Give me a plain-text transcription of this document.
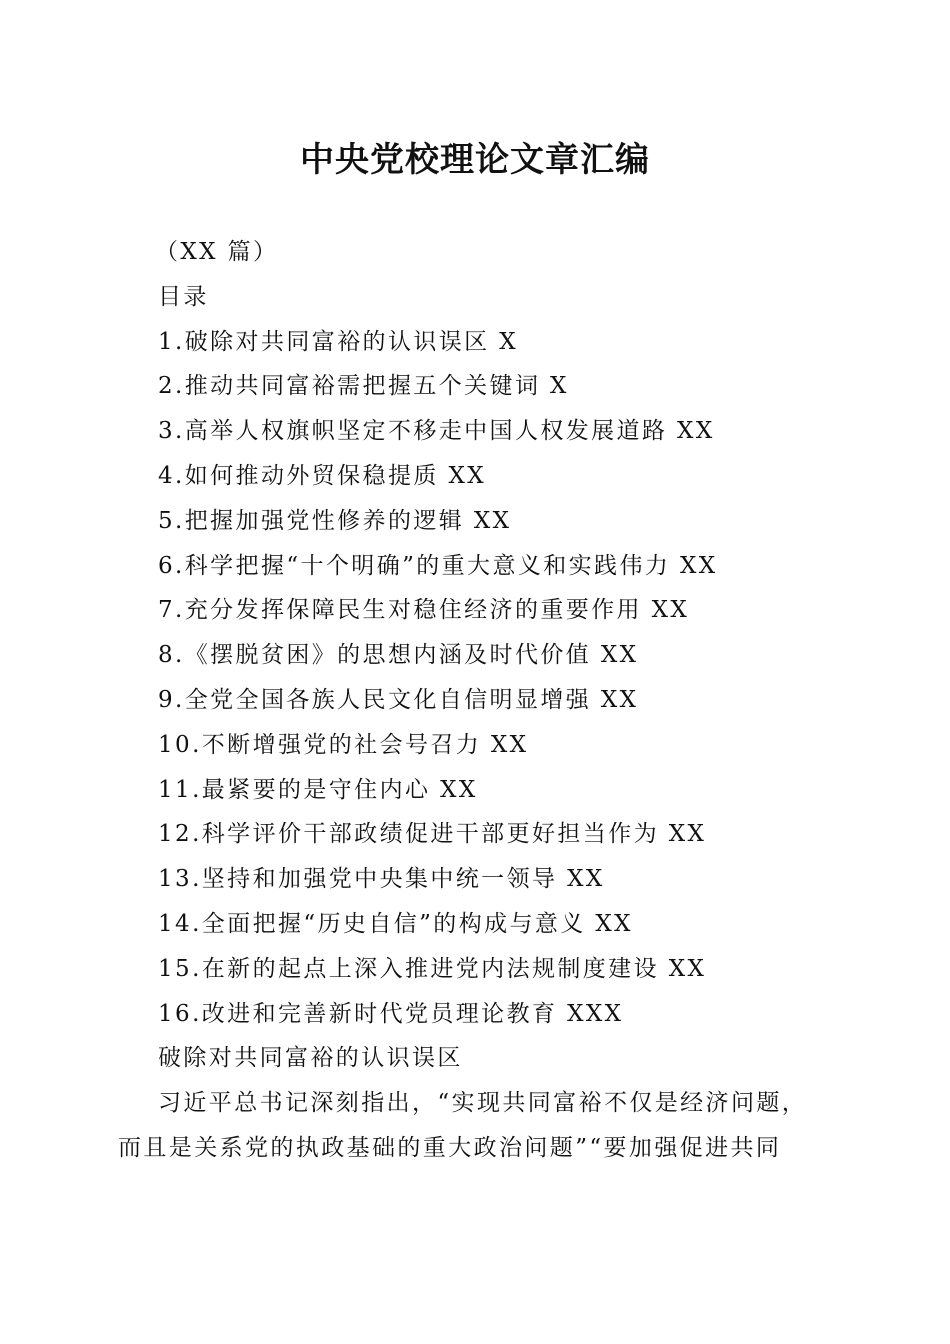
中央党校理论文章汇编

（XX 篇）

目录

1.破除对共同富裕的认识误区 X
2.推动共同富裕需把握五个关键词 X
3.高举人权旗帜坚定不移走中国人权发展道路 XX
4.如何推动外贸保稳提质 XX
5.把握加强党性修养的逻辑 XX
6.科学把握“十个明确”的重大意义和实践伟力 XX
7.充分发挥保障民生对稳住经济的重要作用 XX
8.《摆脱贫困》的思想内涵及时代价值 XX
9.全党全国各族人民文化自信明显增强 XX
10.不断增强党的社会号召力 XX
11.最紧要的是守住内心 XX
12.科学评价干部政绩促进干部更好担当作为 XX
13.坚持和加强党中央集中统一领导 XX
14.全面把握“历史自信”的构成与意义 XX
15.在新的起点上深入推进党内法规制度建设 XX
16.改进和完善新时代党员理论教育 XXX

破除对共同富裕的认识误区

习近平总书记深刻指出，“实现共同富裕不仅是经济问题，而且是关系党的执政基础的重大政治问题”“要加强促进共同
